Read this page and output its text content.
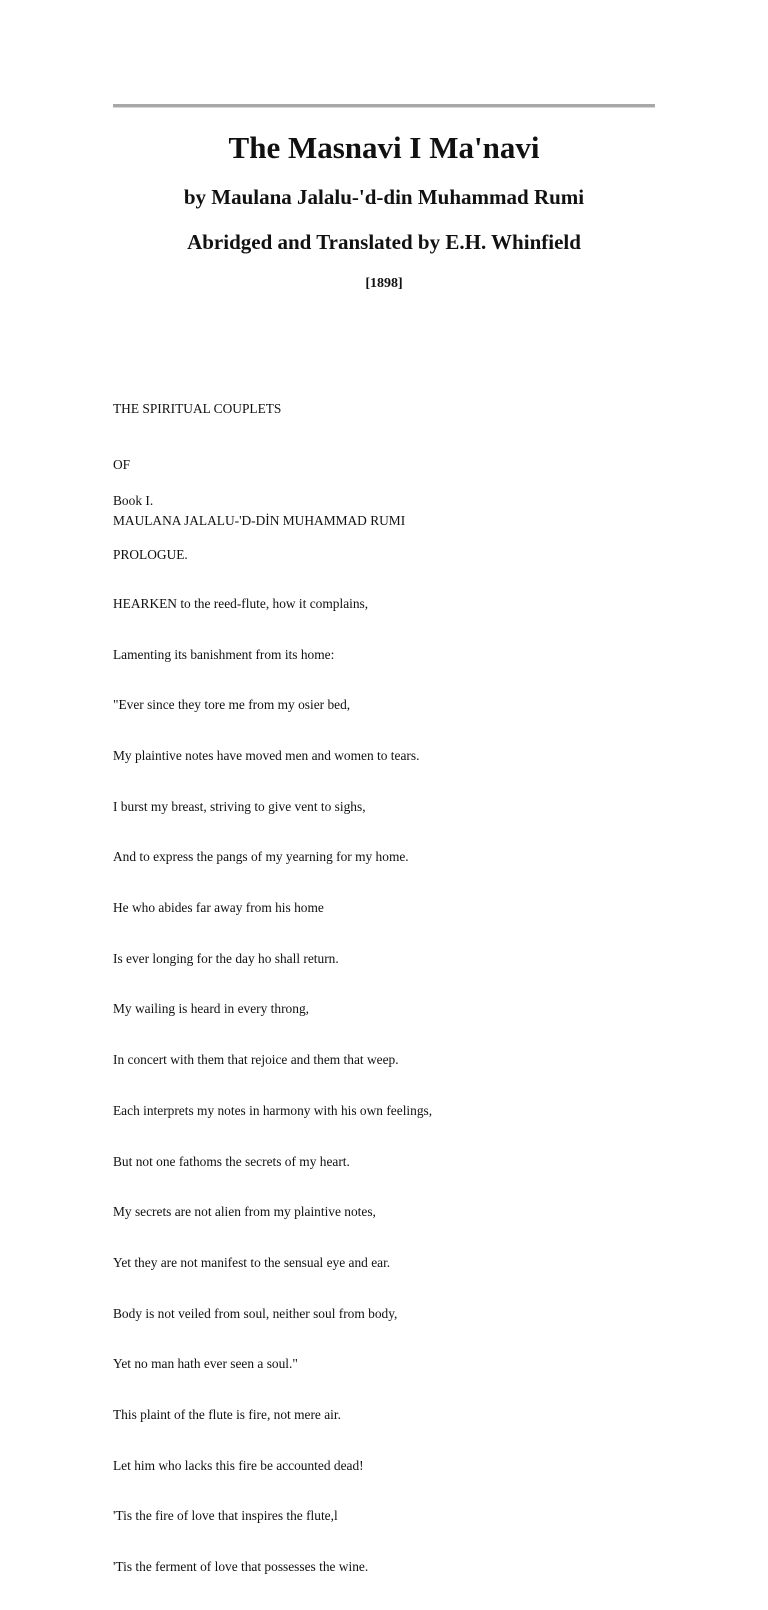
The Masnavi I Ma'navi
by Maulana Jalalu-'d-din Muhammad Rumi
Abridged and Translated by E.H. Whinfield
[1898]

THE SPIRITUAL COUPLETS

OF

MAULANA JALALU-'D-DİN MUHAMMAD RUMI

Book I.

PROLOGUE.

HEARKEN to the reed-flute, how it complains,

Lamenting its banishment from its home:

"Ever since they tore me from my osier bed,

My plaintive notes have moved men and women to tears.

I burst my breast, striving to give vent to sighs,

And to express the pangs of my yearning for my home.

He who abides far away from his home

Is ever longing for the day ho shall return.

My wailing is heard in every throng,

In concert with them that rejoice and them that weep.

Each interprets my notes in harmony with his own feelings,

But not one fathoms the secrets of my heart.

My secrets are not alien from my plaintive notes,

Yet they are not manifest to the sensual eye and ear.

Body is not veiled from soul, neither soul from body,

Yet no man hath ever seen a soul."

This plaint of the flute is fire, not mere air.

Let him who lacks this fire be accounted dead!

'Tis the fire of love that inspires the flute,l

'Tis the ferment of love that possesses the wine.
